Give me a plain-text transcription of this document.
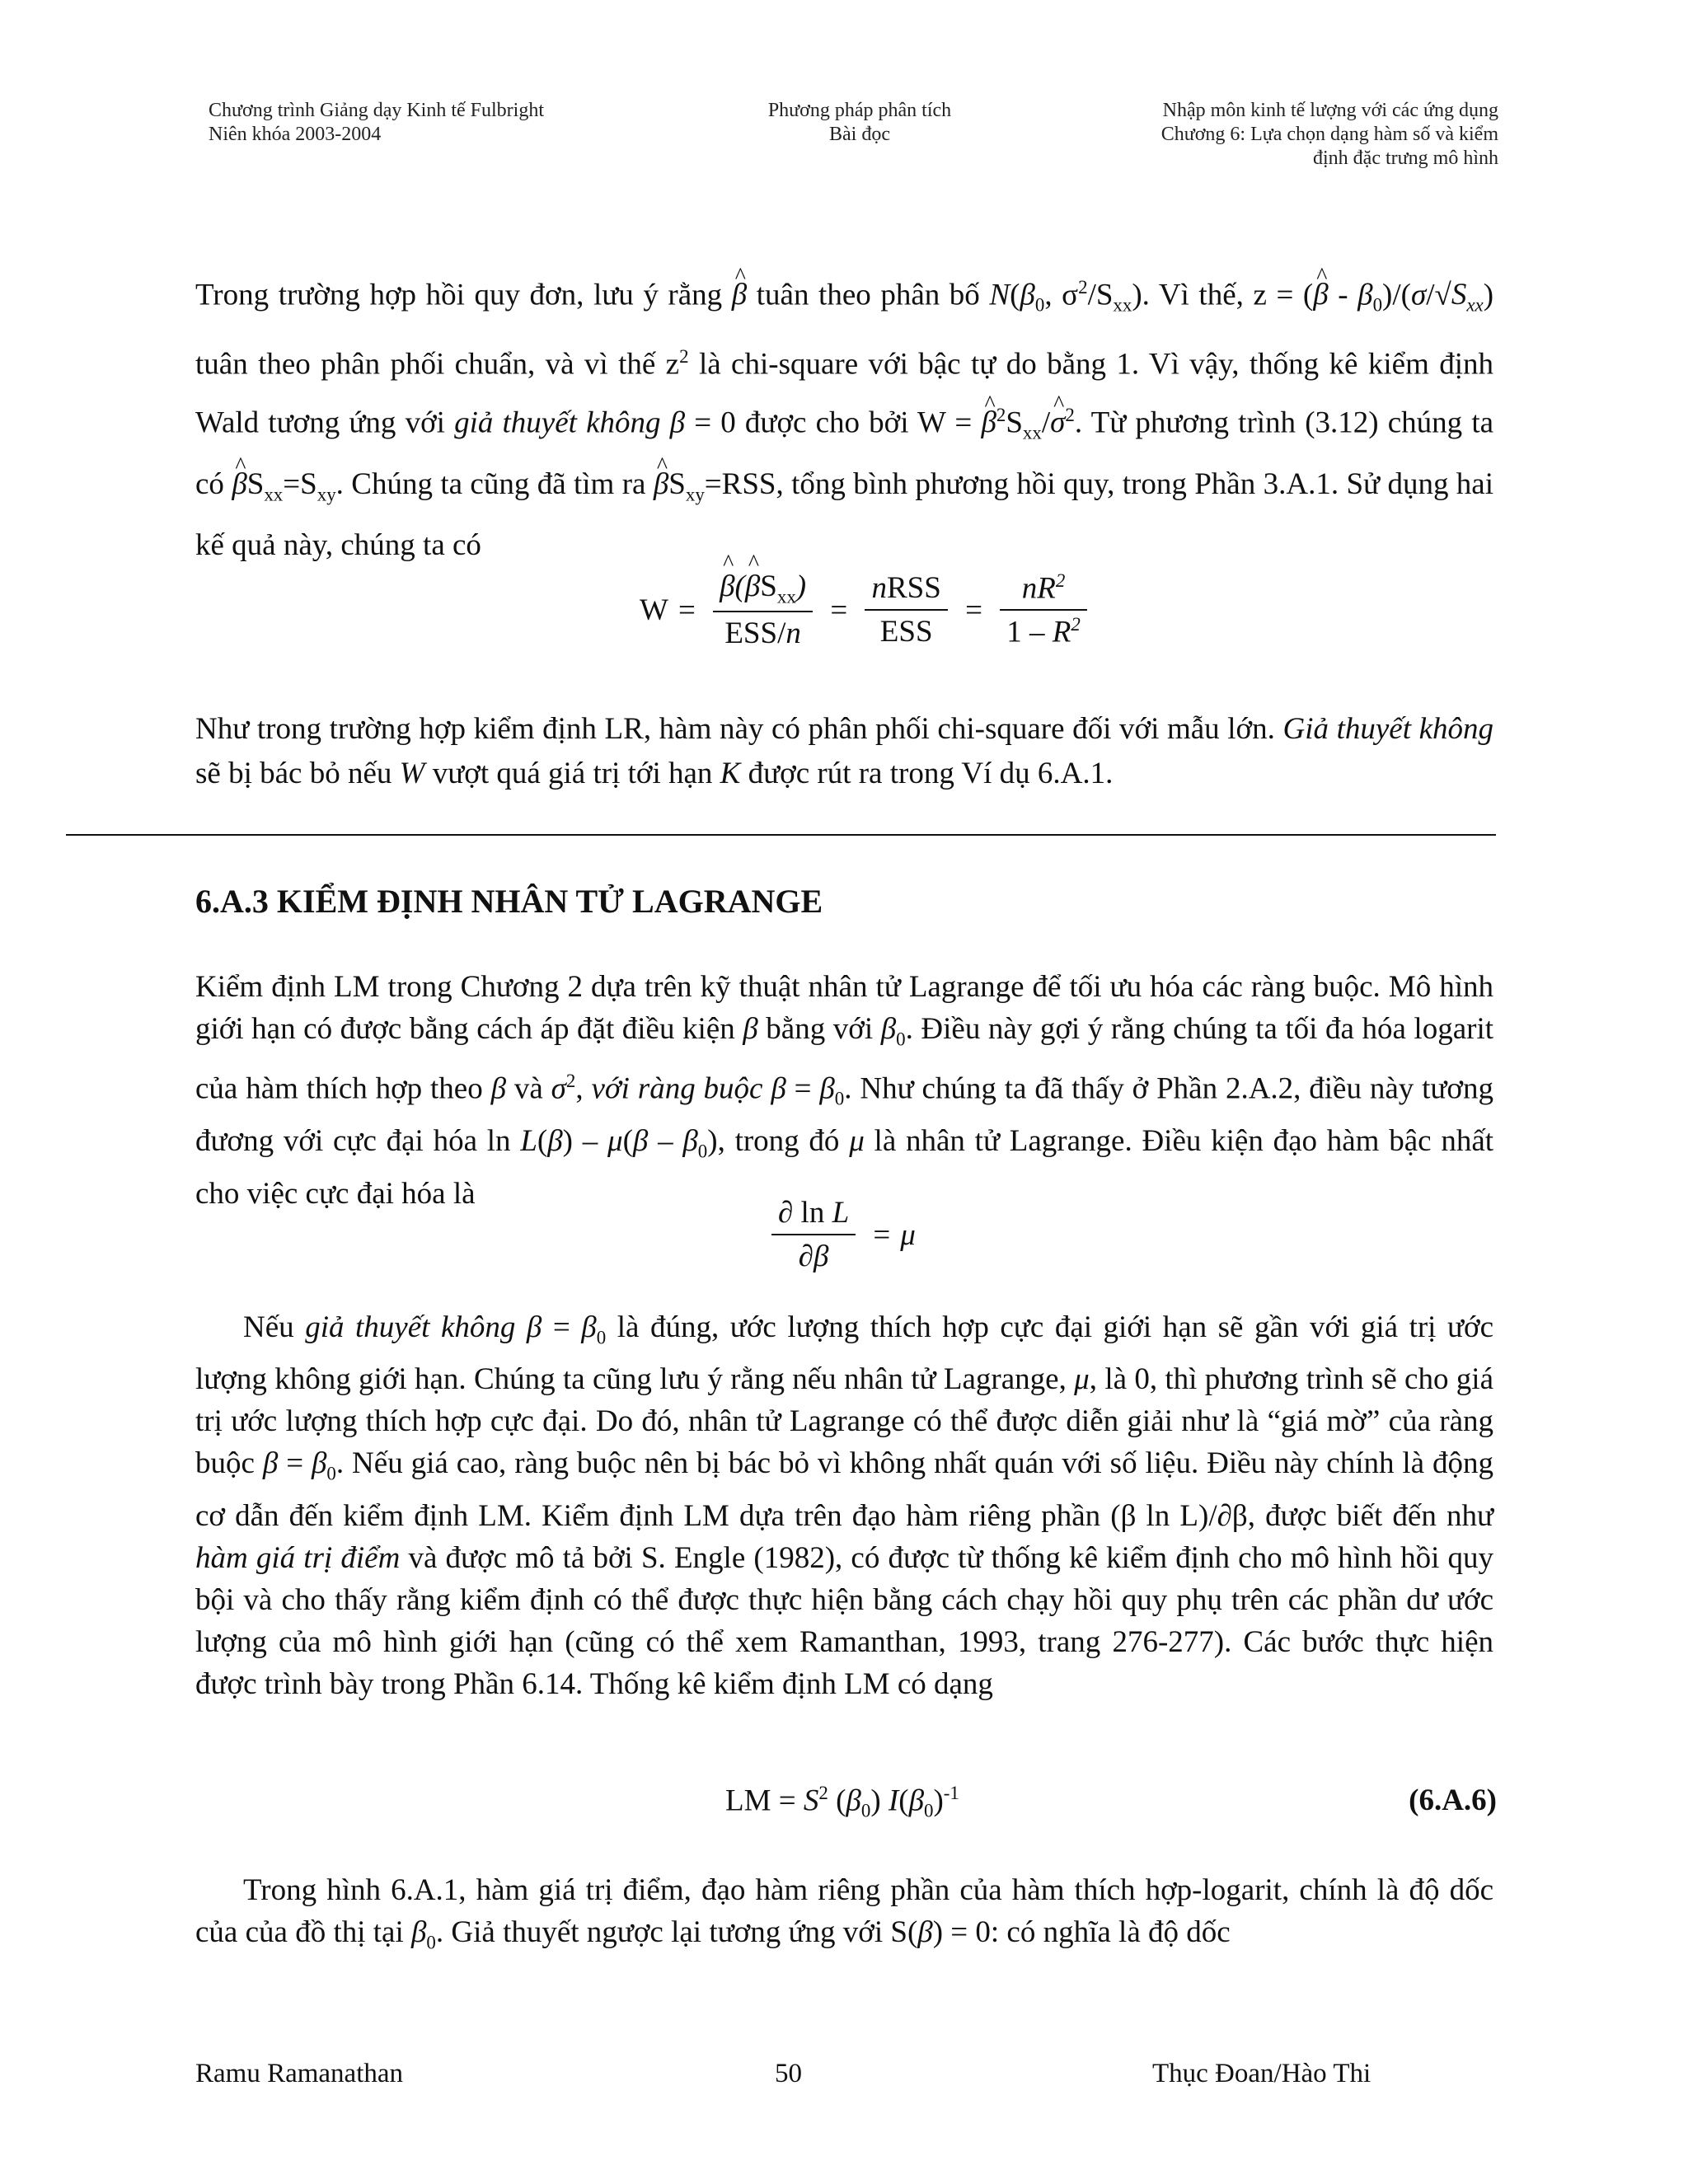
Chương trình Giảng dạy Kinh tế Fulbright
Niên khóa 2003-2004
Phương pháp phân tích
Bài đọc
Nhập môn kinh tế lượng với các ứng dụng
Chương 6: Lựa chọn dạng hàm số và kiểm
định đặc trưng mô hình
Trong trường hợp hồi quy đơn, lưu ý rằng ^ β tuân theo phân bố $N(\beta_0$, $\sigma^2/S_{xx}$). Vì thế, z = (^ β - $\beta_0)/(\sigma/√S_{xx})$ tuân theo phân phối chuẩn, và vì thế $z^2$ là chi-square với bậc tự do bằng 1. Vì vậy, thống kê kiểm định Wald tương ứng với giả thuyết không β = 0 được cho bởi W = ^ $\beta^2S_{xx}/\^{}$ $\sigma^2$. Từ phương trình (3.12) chúng ta có ^ $\beta S_{xx}=S_{xy}$. Chúng ta cũng đã tìm ra ^ $\beta S_{xy}=RSS$, tổng bình phương hồi quy, trong Phần 3.A.1. Sử dụng hai kế quả này, chúng ta có
W = ^ $\frac{\beta(\^{} \beta S_{xx})}{\text{ESS/n}} = \frac{\text{nRSS}}{\text{ESS}} = \frac{nR^2}{1 - R^2}$
Như trong trường hợp kiểm định LR, hàm này có phân phối chi-square đối với mẫu lớn. Giả thuyết không sẽ bị bác bỏ nếu W vượt quá giá trị tới hạn K được rút ra trong Ví dụ 6.A.1.
6.A.3 KIỂM ĐỊNH NHÂN TỬ LAGRANGE
Kiểm định LM trong Chương 2 dựa trên kỹ thuật nhân tử Lagrange để tối ưu hóa các ràng buộc. Mô hình giới hạn có được bằng cách áp đặt điều kiện β bằng với $\beta_0$. Điều này gợi ý rằng chúng ta tối đa hóa logarit của hàm thích hợp theo β và $\sigma^2$, với ràng buộc $\beta = \beta_0$. Như chúng ta đã thấy ở Phần 2.A.2, điều này tương đương với cực đại hóa $\ln L(\beta) - \mu(\beta - \beta_0)$, trong đó μ là nhân tử Lagrange. Điều kiện đạo hàm bậc nhất cho việc cực đại hóa là
$\frac{\text{∂ ln L}}{\partial\beta} = \mu$
Nếu giả thuyết không $\beta = \beta_0$ là đúng, ước lượng thích hợp cực đại giới hạn sẽ gần với giá trị ước lượng không giới hạn. Chúng ta cũng lưu ý rằng nếu nhân tử Lagrange, μ, là 0, thì phương trình sẽ cho giá trị ước lượng thích hợp cực đại. Do đó, nhân tử Lagrange có thể được diễn giải như là “giá mờ” của ràng buộc $\beta = \beta_0$. Nếu giá cao, ràng buộc nên bị bác bỏ vì không nhất quán với số liệu. Điều này chính là động cơ dẫn đến kiểm định LM. Kiểm định LM dựa trên đạo hàm riêng phần (β ln L)/∂β, được biết đến như hàm giá trị điểm và được mô tả bởi S. Engle (1982), có được từ thống kê kiểm định cho mô hình hồi quy bội và cho thấy rằng kiểm định có thể được thực hiện bằng cách chạy hồi quy phụ trên các phần dư ước lượng của mô hình giới hạn (cũng có thể xem Ramanthan, 1993, trang 276-277). Các bước thực hiện được trình bày trong Phần 6.14. Thống kê kiểm định LM có dạng
LM = $S^2$ $(\beta_0)$ $I(\beta_0)^{-1}$	(6.A.6)
Trong hình 6.A.1, hàm giá trị điểm, đạo hàm riêng phần của hàm thích hợp-logarit, chính là độ dốc của của đồ thị tại $\beta_0$. Giả thuyết ngược lại tương ứng với S(β) = 0: có nghĩa là độ dốc
Ramu Ramanathan	50	Thục Đoan/Hào Thi
